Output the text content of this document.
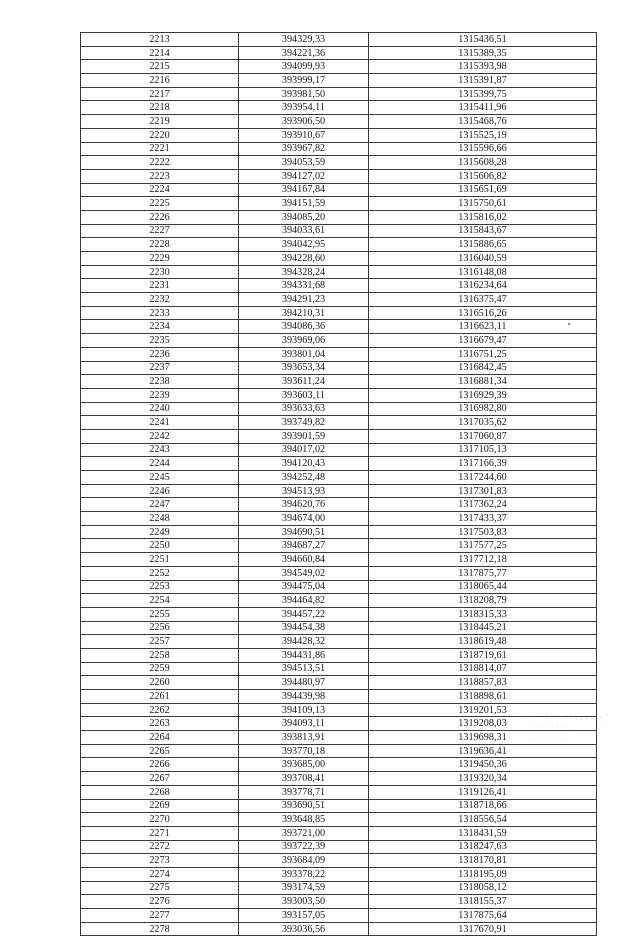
2213	394329,33	1315436,51
2214	394221,36	1315389,35
2215	394099,93	1315393,98
2216	393999,17	1315391,87
2217	393981,50	1315399,75
2218	393954,11	1315411,96
2219	393906,50	1315468,76
2220	393910,67	1315525,19
2221	393967,82	1315596,66
2222	394053,59	1315608,28
2223	394127,02	1315606,82
2224	394167,84	1315651,69
2225	394151,59	1315750,61
2226	394085,20	1315816,02
2227	394033,61	1315843,67
2228	394042,95	1315886,65
2229	394228,60	1316040,59
2230	394328,24	1316148,08
2231	394331,68	1316234,64
2232	394291,23	1316375,47
2233	394210,31	1316516,26
2234	394086,36	1316623,11
2235	393969,06	1316679,47
2236	393801,04	1316751,25
2237	393653,34	1316842,45
2238	393611,24	1316881,34
2239	393603,11	1316929,39
2240	393633,63	1316982,80
2241	393749,82	1317035,62
2242	393901,59	1317060,87
2243	394017,02	1317105,13
2244	394120,43	1317166,39
2245	394252,48	1317244,60
2246	394513,93	1317301,83
2247	394620,76	1317362,24
2248	394674,00	1317433,37
2249	394690,51	1317503,83
2250	394687,27	1317577,25
2251	394660,84	1317712,18
2252	394549,02	1317875,77
2253	394475,04	1318065,44
2254	394464,82	1318208,79
2255	394457,22	1318315,33
2256	394454,38	1318445,21
2257	394428,32	1318619,48
2258	394431,86	1318719,61
2259	394513,51	1318814,07
2260	394480,97	1318857,83
2261	394439,98	1318898,61
2262	394109,13	1319201,53
2263	394093,11	1319208,03
2264	393813,91	1319698,31
2265	393770,18	1319636,41
2266	393685,00	1319450,36
2267	393708,41	1319320,34
2268	393778,71	1319126,41
2269	393690,51	1318718,66
2270	393648,85	1318556,54
2271	393721,00	1318431,59
2272	393722,39	1318247,63
2273	393684,09	1318170,81
2274	393378,22	1318195,09
2275	393174,59	1318058,12
2276	393003,50	1318155,37
2277	393157,05	1317875,64
2278	393036,56	1317670,91
